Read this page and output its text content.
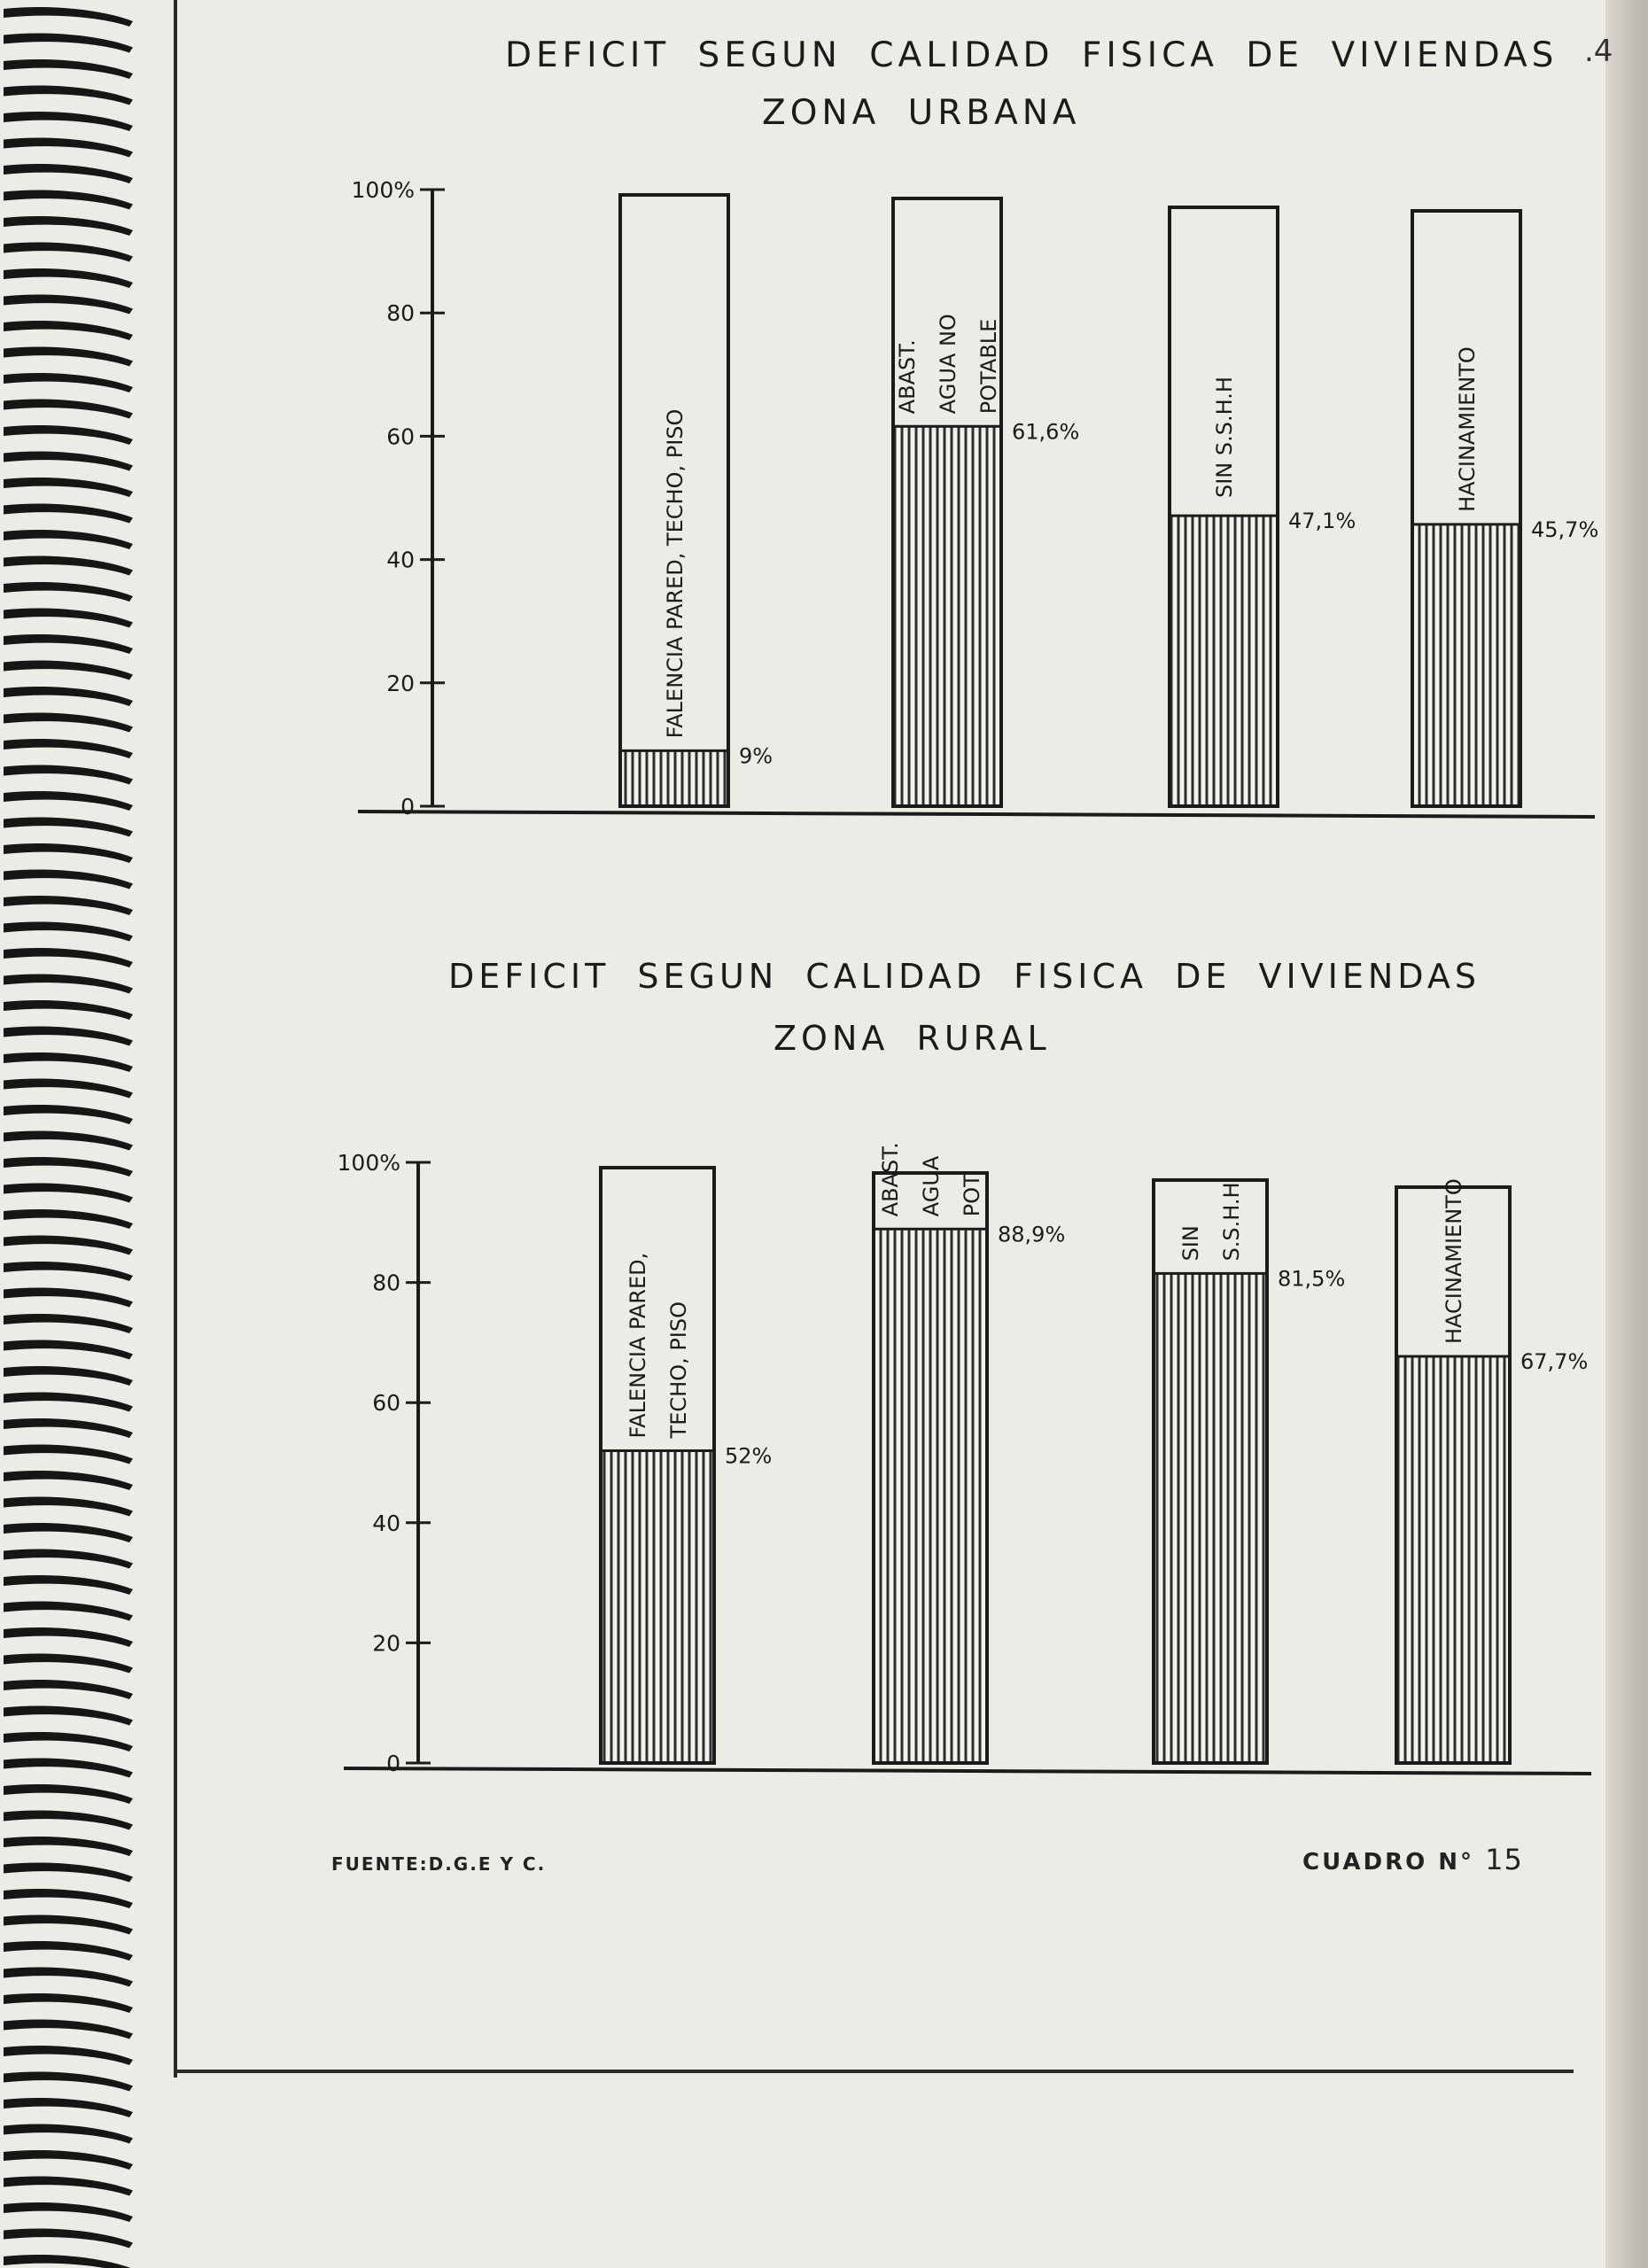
.4
DEFICIT SEGUN CALIDAD FISICA DE VIVIENDAS
ZONA URBANA
0
20
40
60
80
100%
FALENCIA PARED, TECHO, PISO
9%
ABAST. AGUA NO POTABLE
61,6%	SIN S.S.H.H
47,1%
HACINAMIENTO
45,7%
DEFICIT SEGUN CALIDAD FISICA DE VIVIENDAS
ZONA RURAL
0
20
40
60
80
100%
FALENCIA PARED, TECHO, PISO
52%
ABAST. AGUA POT.
88,9%	SIN S.S.H.H
81,5%	HACINAMIENTO
67,7%
FUENTE:D.G.E Y C.	CUADRO N° 15
